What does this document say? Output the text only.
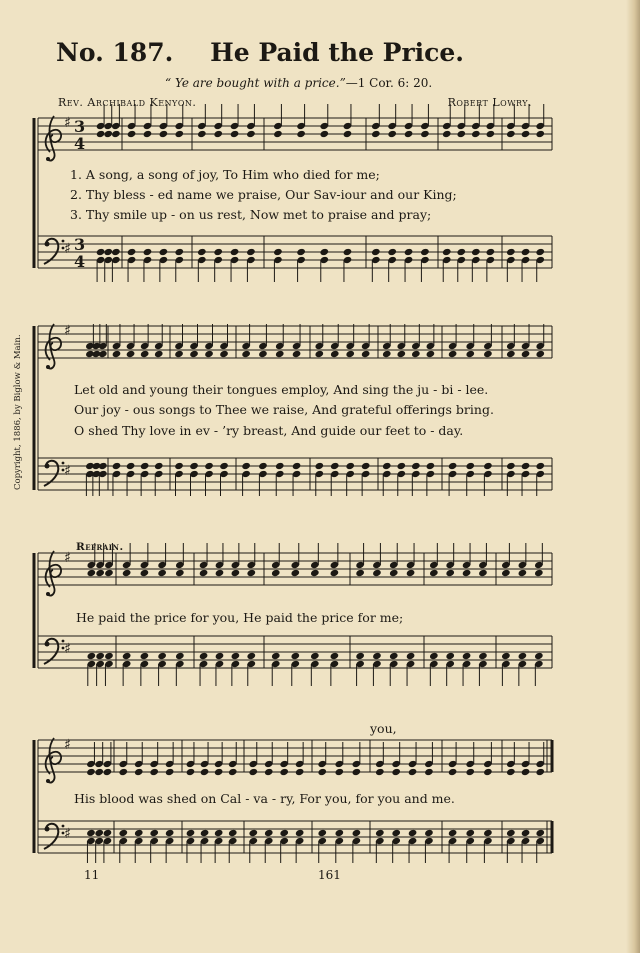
No. 187. He Paid the Price.
“ Ye are bought with a price.”—1 Cor. 6: 20.
Rev. Archibald Kenyon.	Robert Lowry.
Copyright, 1886, by Biglow & Main.
♯ 3
4
♯ 3
4
♯
♯
♯
♯
♯
♯
Refrain.
1. A song, a song of joy, To Him who died for me;
2. Thy bless - ed name we praise, Our Sav-iour and our King;
3. Thy smile up - on us rest, Now met to praise and pray;
Let old and young their tongues employ, And sing the ju - bi - lee.
Our joy - ous songs to Thee we raise, And grateful offerings bring.
O shed Thy love in ev - ’ry breast, And guide our feet to - day.
He paid the price for you, He paid the price for me;
you,
His blood was shed on Cal - va - ry, For you, for you and me.
11	161
